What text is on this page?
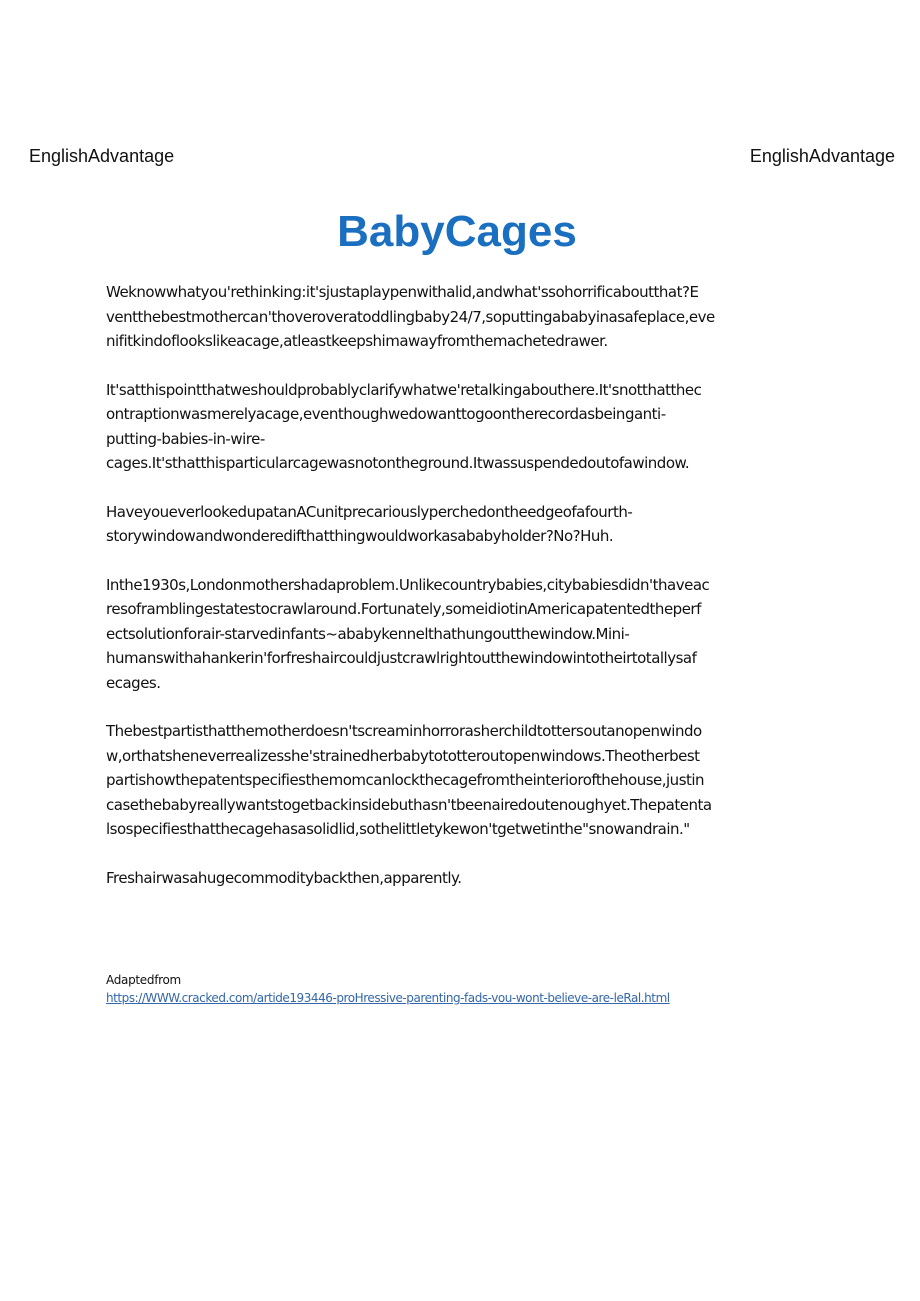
EnglishAdvantage	EnglishAdvantage
BabyCages

Weknowwhatyou'rethinking:it'sjustaplaypenwithalid,andwhat'ssohorrificaboutthat?E
ventthebestmothercan'thoveroveratoddlingbaby24/7,soputtingababyinasafeplace,eve
nifitkindoflookslikeacage,atleastkeepshimawayfromthemachetedrawer.

It'satthispointthatweshouldprobablyclarifywhatwe'retalkingabouthere.It'snotthatthec
ontraptionwasmerelyacage,eventhoughwedowanttogoontherecordasbeinganti-
putting-babies-in-wire-
cages.It'sthatthisparticularcagewasnotontheground.Itwassuspendedoutofawindow.

HaveyoueverlookedupatanACunitprecariouslyperchedontheedgeofafourth-
storywindowandwonderedifthatthingwouldworkasababyholder?No?Huh.

Inthe1930s,Londonmothershadaproblem.Unlikecountrybabies,citybabiesdidn'thaveac
resoframblingestatestocrawlaround.Fortunately,someidiotinAmericapatentedtheperf
ectsolutionforair-starvedinfants~ababykennelthathungoutthewindow.Mini-
humanswithahankerin'forfreshaircouldjustcrawlrightoutthewindowintotheirtotallysaf
ecages.

Thebestpartisthatthemotherdoesn'tscreaminhorrorasherchildtottersoutanopenwindo
w,orthatsheneverrealizesshe'strainedherbabytototteroutopenwindows.Theotherbest
partishowthepatentspecifiesthemomcanlockthecagefromtheinteriorofthehouse,justin
casethebabyreallywantstogetbackinsidebuthasn'tbeenairedoutenoughyet.Thepatenta
lsospecifiesthatthecagehasasolidlid,sothelittletykewon'tgetwetinthe"snowandrain."

Freshairwasahugecommoditybackthen,apparently.

Adaptedfrom
https://WWW.cracked.com/artide193446-proHressive-parenting-fads-vou-wont-believe-are-leRal.html
